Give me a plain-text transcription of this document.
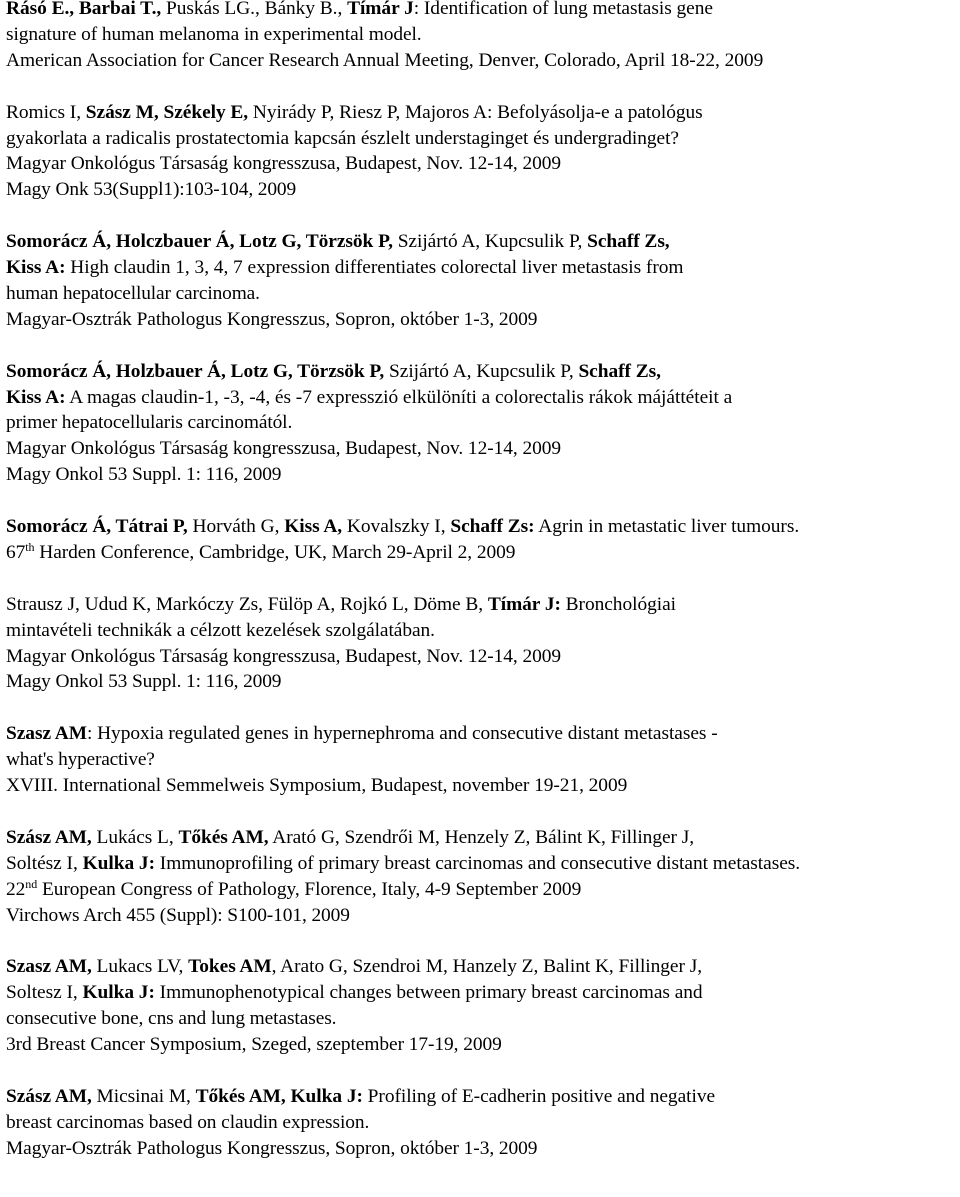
Rásó E., Barbai T., Puskás LG., Bánky B., Tímár J: Identification of lung metastasis gene
signature of human melanoma in experimental model.
American Association for Cancer Research Annual Meeting, Denver, Colorado, April 18-22, 2009
Romics I, Szász M, Székely E, Nyirády P, Riesz P, Majoros A: Befolyásolja-e a patológus
gyakorlata a radicalis prostatectomia kapcsán észlelt understaginget és undergradinget?
Magyar Onkológus Társaság kongresszusa, Budapest, Nov. 12-14, 2009
Magy Onk 53(Suppl1):103-104, 2009
Somorácz Á, Holczbauer Á, Lotz G, Törzsök P, Szijártó A, Kupcsulik P, Schaff Zs,
Kiss A: High claudin 1, 3, 4, 7 expression differentiates colorectal liver metastasis from
human hepatocellular carcinoma.
Magyar-Osztrák Pathologus Kongresszus, Sopron, október 1-3, 2009
Somorácz Á, Holzbauer Á, Lotz G, Törzsök P, Szijártó A, Kupcsulik P, Schaff Zs,
Kiss A: A magas claudin-1, -3, -4, és -7 expresszió elkülöníti a colorectalis rákok májáttéteit a
primer hepatocellularis carcinomától.
Magyar Onkológus Társaság kongresszusa, Budapest, Nov. 12-14, 2009
Magy Onkol 53 Suppl. 1: 116, 2009
Somorácz Á, Tátrai P, Horváth G, Kiss A, Kovalszky I, Schaff Zs: Agrin in metastatic liver tumours.
67th Harden Conference, Cambridge, UK, March 29-April 2, 2009
Strausz J, Udud K, Markóczy Zs, Fülöp A, Rojkó L, Döme B, Tímár J: Bronchológiai
mintavételi technikák a célzott kezelések szolgálatában.
Magyar Onkológus Társaság kongresszusa, Budapest, Nov. 12-14, 2009
Magy Onkol 53 Suppl. 1: 116, 2009
Szasz AM: Hypoxia regulated genes in hypernephroma and consecutive distant metastases -
what's hyperactive?
XVIII. International Semmelweis Symposium, Budapest, november 19-21, 2009
Szász AM, Lukács L, Tőkés AM, Arató G, Szendrői M, Henzely Z, Bálint K, Fillinger J,
Soltész I, Kulka J: Immunoprofiling of primary breast carcinomas and consecutive distant metastases.
22nd European Congress of Pathology, Florence, Italy, 4-9 September 2009
Virchows Arch 455 (Suppl): S100-101, 2009
Szasz AM, Lukacs LV, Tokes AM, Arato G, Szendroi M, Hanzely Z, Balint K, Fillinger J,
Soltesz I, Kulka J: Immunophenotypical changes between primary breast carcinomas and
consecutive bone, cns and lung metastases.
3rd Breast Cancer Symposium, Szeged, szeptember 17-19, 2009
Szász AM, Micsinai M, Tőkés AM, Kulka J: Profiling of E-cadherin positive and negative
breast carcinomas based on claudin expression.
Magyar-Osztrák Pathologus Kongresszus, Sopron, október 1-3, 2009
